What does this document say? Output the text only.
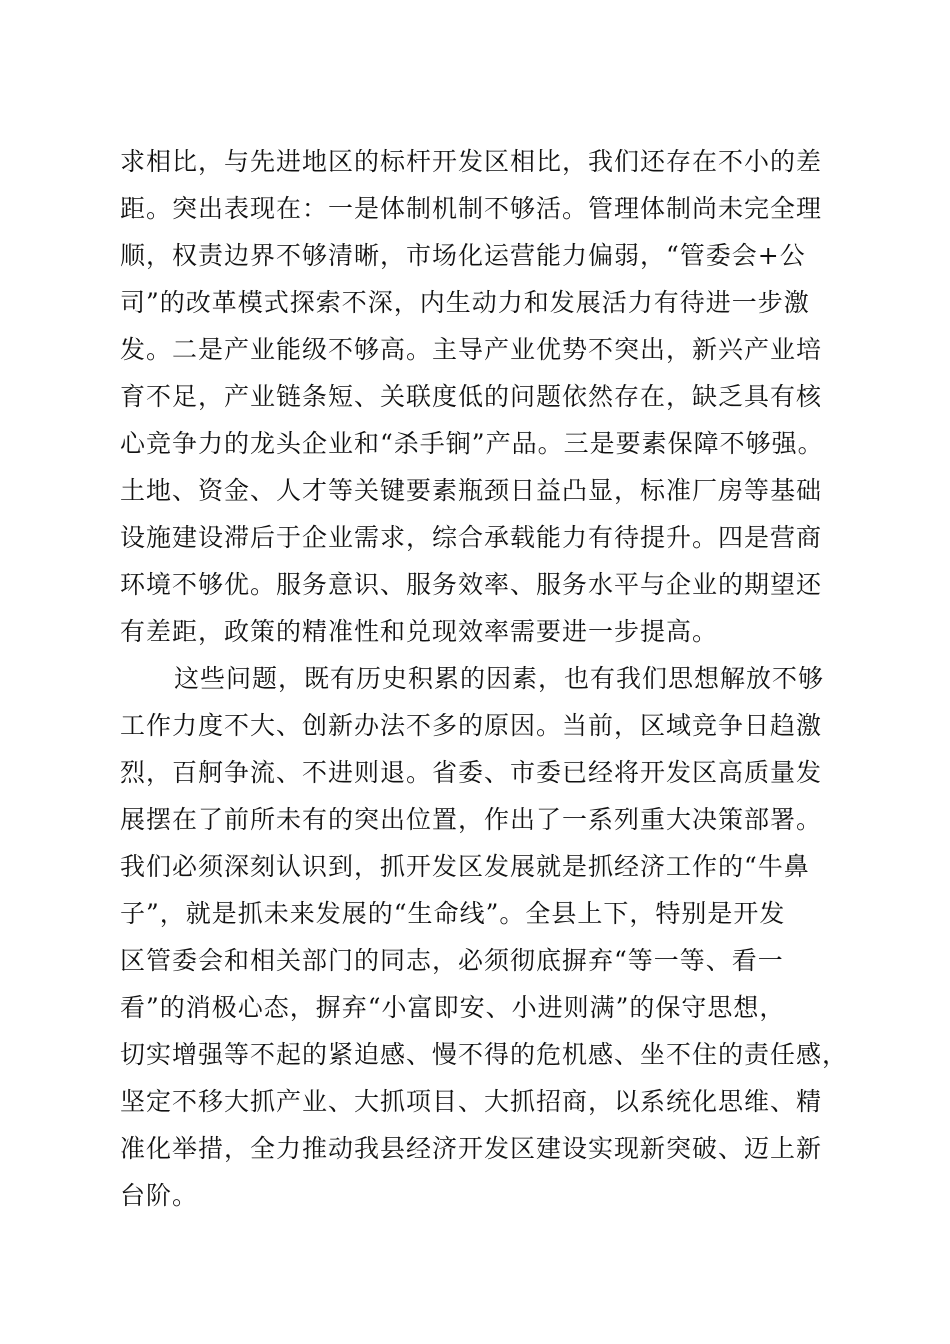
求相比，与先进地区的标杆开发区相比，我们还存在不小的差
距。突出表现在：一是体制机制不够活。管理体制尚未完全理
顺，权责边界不够清晰，市场化运营能力偏弱，“管委会+公
司”的改革模式探索不深，内生动力和发展活力有待进一步激
发。二是产业能级不够高。主导产业优势不突出，新兴产业培
育不足，产业链条短、关联度低的问题依然存在，缺乏具有核
心竞争力的龙头企业和“杀手锏”产品。三是要素保障不够强。
土地、资金、人才等关键要素瓶颈日益凸显，标准厂房等基础
设施建设滞后于企业需求，综合承载能力有待提升。四是营商
环境不够优。服务意识、服务效率、服务水平与企业的期望还
有差距，政策的精准性和兑现效率需要进一步提高。
这些问题，既有历史积累的因素，也有我们思想解放不够
工作力度不大、创新办法不多的原因。当前，区域竞争日趋激
烈，百舸争流、不进则退。省委、市委已经将开发区高质量发
展摆在了前所未有的突出位置，作出了一系列重大决策部署。
我们必须深刻认识到，抓开发区发展就是抓经济工作的“牛鼻
子”，就是抓未来发展的“生命线”。全县上下，特别是开发
区管委会和相关部门的同志，必须彻底摒弃“等一等、看一
看”的消极心态，摒弃“小富即安、小进则满”的保守思想，
切实增强等不起的紧迫感、慢不得的危机感、坐不住的责任感，
坚定不移大抓产业、大抓项目、大抓招商，以系统化思维、精
准化举措，全力推动我县经济开发区建设实现新突破、迈上新
台阶。
